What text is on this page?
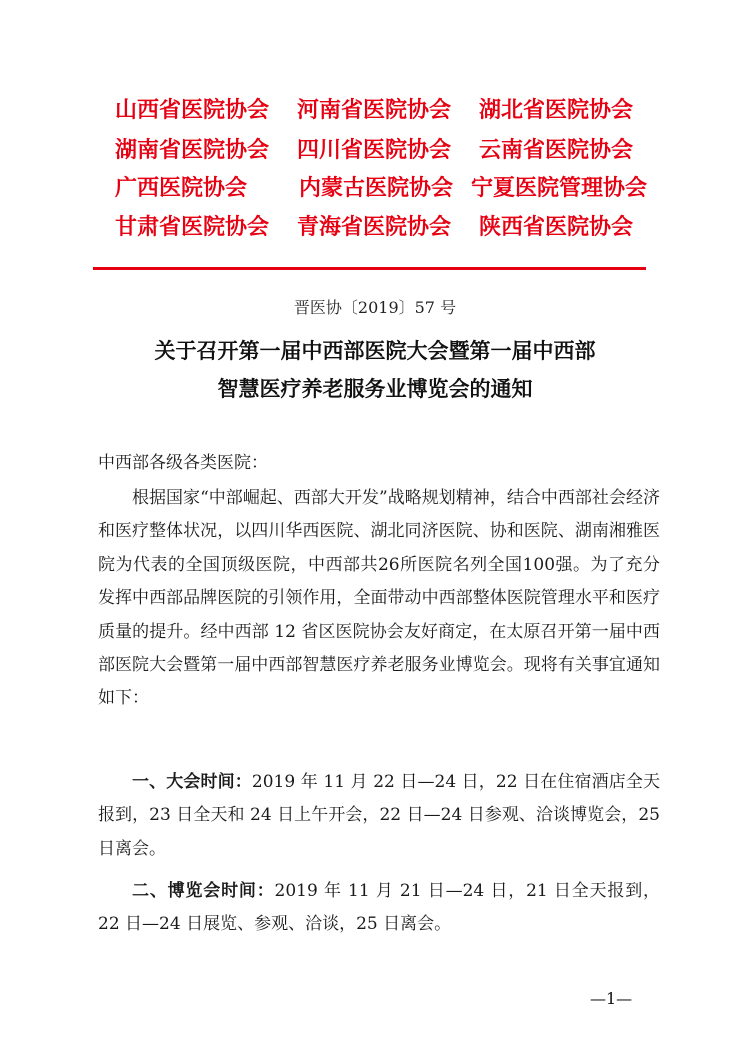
山西省医院协会 河南省医院协会 湖北省医院协会
湖南省医院协会 四川省医院协会 云南省医院协会
广西医院协会 内蒙古医院协会 宁夏医院管理协会
甘肃省医院协会 青海省医院协会 陕西省医院协会
晋医协〔2019〕57 号
关于召开第一届中西部医院大会暨第一届中西部
智慧医疗养老服务业博览会的通知
中西部各级各类医院：

根据国家“中部崛起、西部大开发”战略规划精神，结合中西部社会经济和医疗整体状况，以四川华西医院、湖北同济医院、协和医院、湖南湘雅医院为代表的全国顶级医院，中西部共26所医院名列全国100强。为了充分发挥中西部品牌医院的引领作用，全面带动中西部整体医院管理水平和医疗质量的提升。经中西部 12 省区医院协会友好商定，在太原召开第一届中西部医院大会暨第一届中西部智慧医疗养老服务业博览会。现将有关事宜通知如下：

一、大会时间：2019 年 11 月 22 日—24 日，22 日在住宿酒店全天报到，23 日全天和 24 日上午开会，22 日—24 日参观、洽谈博览会，25 日离会。

二、博览会时间：2019 年 11 月 21 日—24 日，21 日全天报到，22 日—24 日展览、参观、洽谈，25 日离会。

—1—
